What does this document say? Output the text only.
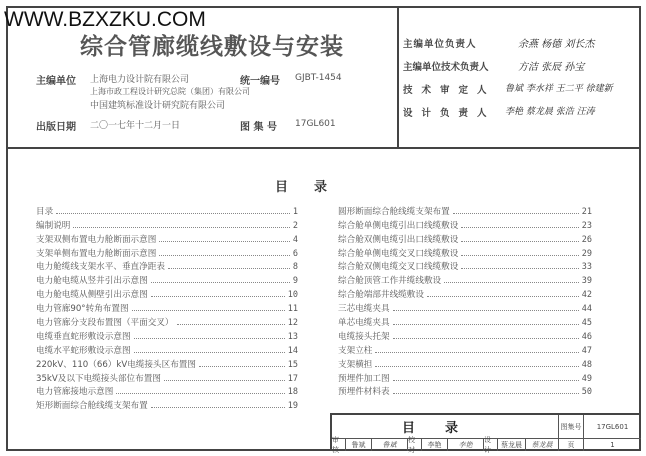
WWW.BZXZKU.COM
综合管廊缆线敷设与安装
主编单位 上海电力设计院有限公司
上海市政工程设计研究总院（集团）有限公司
中国建筑标准设计研究院有限公司
统一编号 GJBT-1454
出版日期 二〇一七年十二月一日	图 集 号 17GL601
主编单位负责人	余燕 杨德 刘长杰
主编单位技术负责人	方洁 张辰 孙宝
技术审定人 鲁斌 李水祥 王二平 徐建新
设计负责人 李艳 蔡龙晨 张浩 汪涛
目　　录
目录	1
编制说明	2
支架双侧布置电力舱断面示意图	4
支架单侧布置电力舱断面示意图	6
电力舱缆线支架水平、垂直净距表	8
电力舱电缆从竖井引出示意图	9
电力舱电缆从侧壁引出示意图	10
电力管廊90°转角布置图	11
电力管廊分支段布置图（平面交叉）	12
电缆垂直蛇形敷设示意图	13
电缆水平蛇形敷设示意图	14
220kV、110（66）kV电缆接头区布置图	15
35kV及以下电缆接头部位布置图	17
电力管廊接地示意图	18
矩形断面综合舱线缆支架布置	19
圆形断面综合舱线缆支架布置	21
综合舱单侧电缆引出口线缆敷设	23
综合舱双侧电缆引出口线缆敷设	26
综合舱单侧电缆交叉口线缆敷设	29
综合舱双侧电缆交叉口线缆敷设	33
综合舱顶管工作井缆线敷设	39
综合舱端部井线缆敷设	42
三芯电缆夹具	44
单芯电缆夹具	45
电缆接头托架	46
支架立柱	47
支架横担	48
预埋件加工图	49
预埋件材料表	50
目录	图集号	17GL601
审核
鲁斌	鲁斌
校对
李艳	李艳
设计
蔡龙晨	蔡龙晨	页	1
